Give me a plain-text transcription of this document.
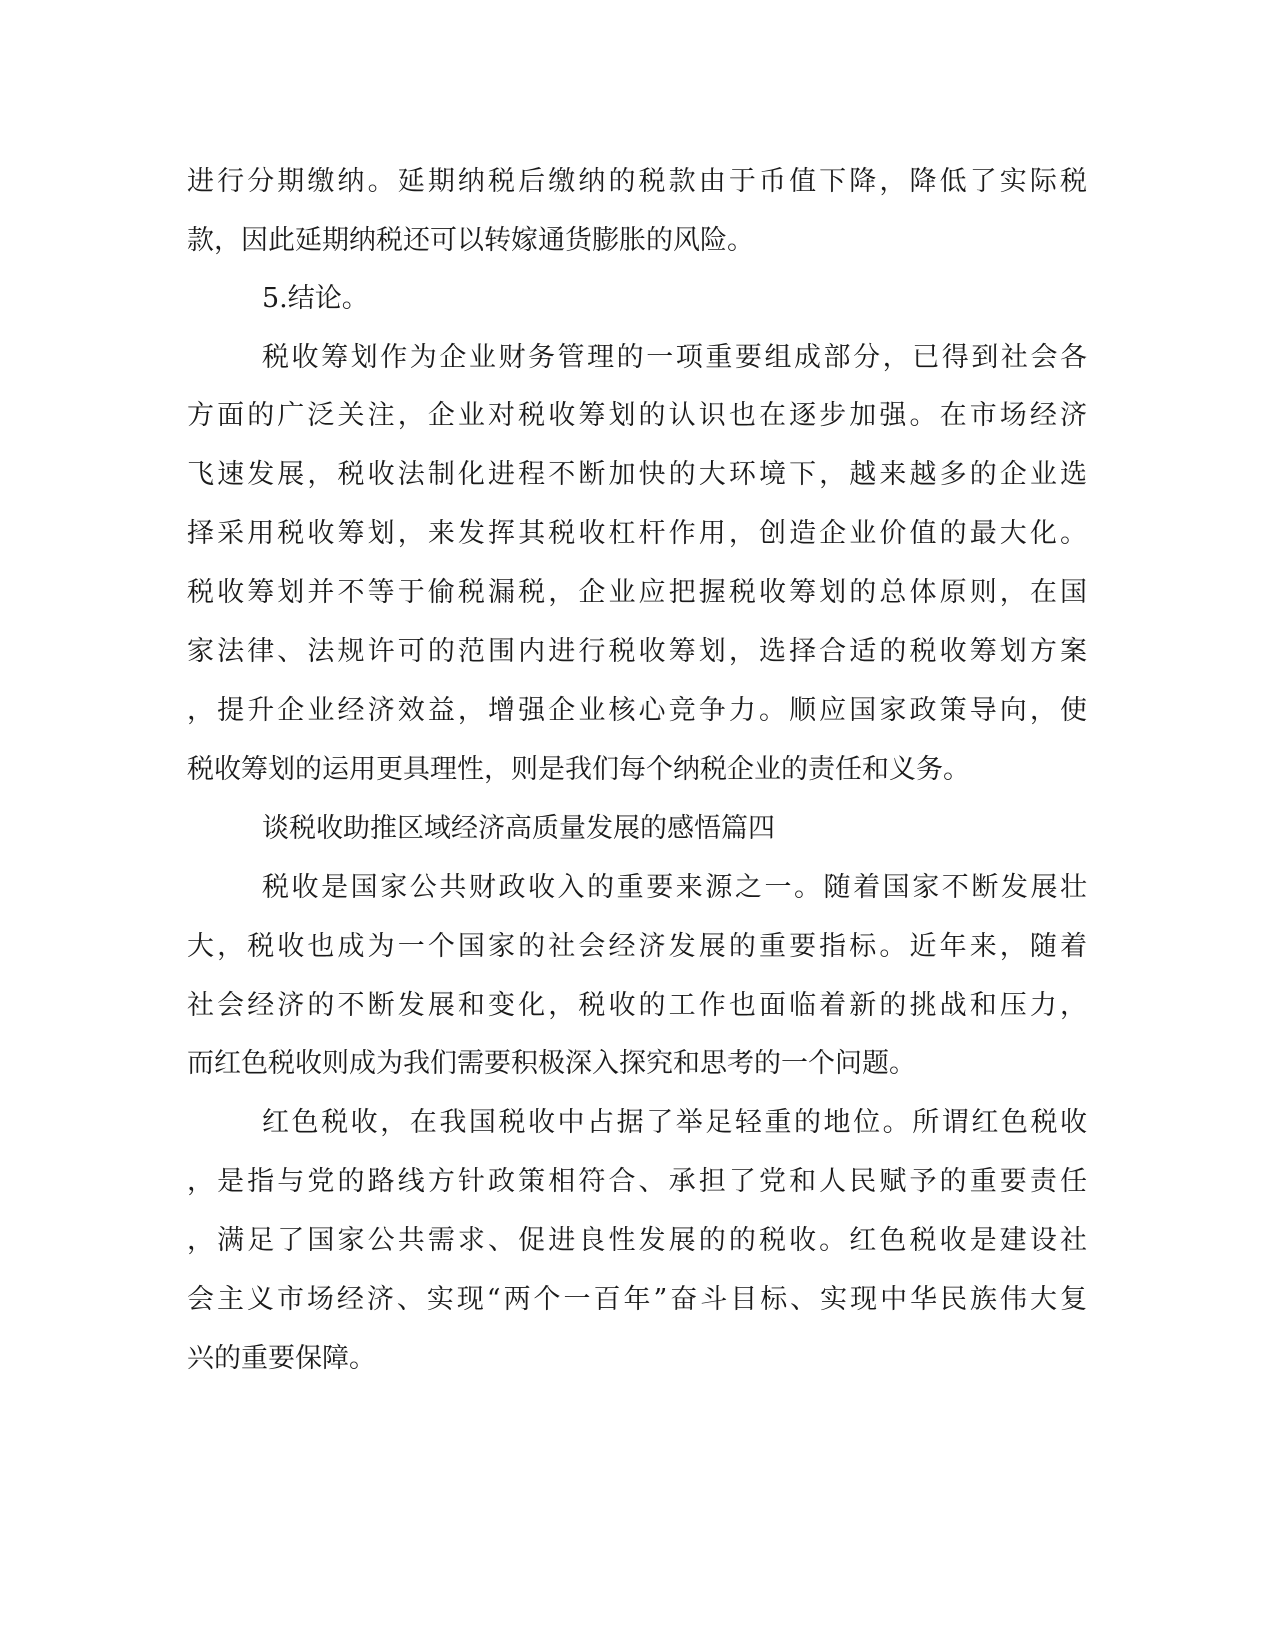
进行分期缴纳。延期纳税后缴纳的税款由于币值下降，降低了实际税
款，因此延期纳税还可以转嫁通货膨胀的风险。
5.结论。
税收筹划作为企业财务管理的一项重要组成部分，已得到社会各
方面的广泛关注，企业对税收筹划的认识也在逐步加强。在市场经济
飞速发展，税收法制化进程不断加快的大环境下，越来越多的企业选
择采用税收筹划，来发挥其税收杠杆作用，创造企业价值的最大化。
税收筹划并不等于偷税漏税，企业应把握税收筹划的总体原则，在国
家法律、法规许可的范围内进行税收筹划，选择合适的税收筹划方案
，提升企业经济效益，增强企业核心竞争力。顺应国家政策导向，使
税收筹划的运用更具理性，则是我们每个纳税企业的责任和义务。
谈税收助推区域经济高质量发展的感悟篇四
税收是国家公共财政收入的重要来源之一。随着国家不断发展壮
大，税收也成为一个国家的社会经济发展的重要指标。近年来，随着
社会经济的不断发展和变化，税收的工作也面临着新的挑战和压力，
而红色税收则成为我们需要积极深入探究和思考的一个问题。
红色税收，在我国税收中占据了举足轻重的地位。所谓红色税收
，是指与党的路线方针政策相符合、承担了党和人民赋予的重要责任
，满足了国家公共需求、促进良性发展的的税收。红色税收是建设社
会主义市场经济、实现“两个一百年”奋斗目标、实现中华民族伟大复
兴的重要保障。
